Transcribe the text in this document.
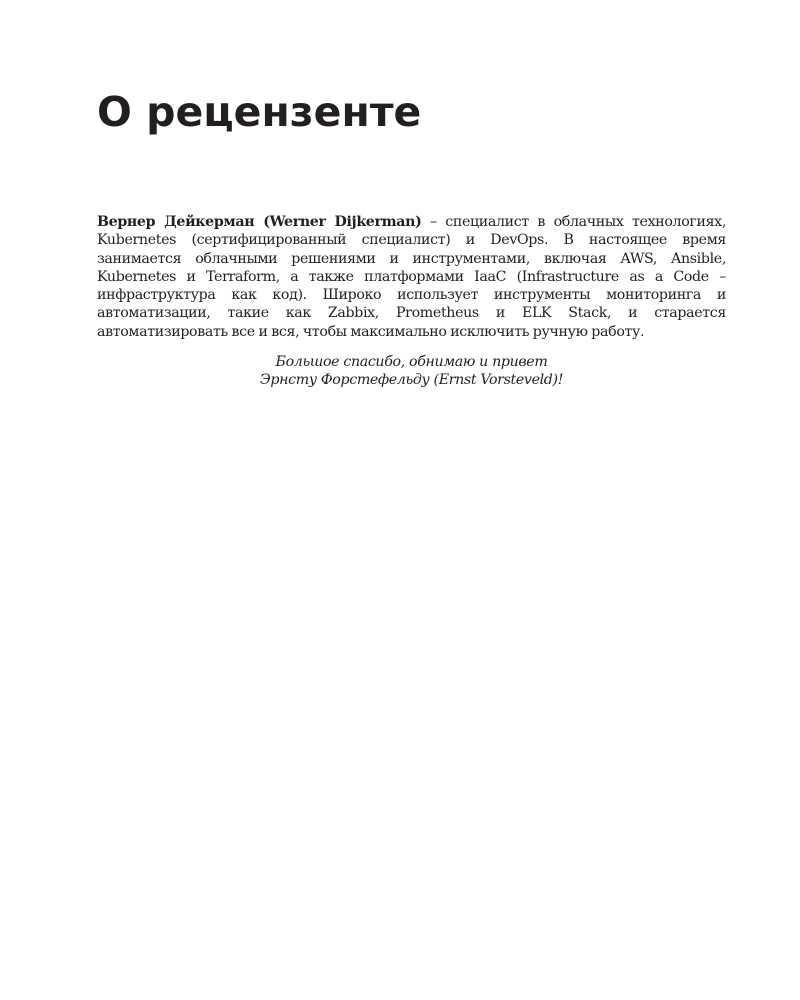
О рецензенте

Вернер Дейкерман (Werner Dijkerman) – специалист в облачных технологиях, Kubernetes (сертифицированный специалист) и DevOps. В настоящее время занимается облачными решениями и инструментами, включая AWS, Ansible, Kubernetes и Terraform, а также платформами IaaC (Infrastructure as a Code – инфраструктура как код). Широко использует инструменты мониторинга и автоматизации, такие как Zabbix, Prometheus и ELK Stack, и старается автоматизировать все и вся, чтобы максимально исключить ручную работу.

Большое спасибо, обнимаю и привет
Эрнсту Форстефельду (Ernst Vorsteveld)!
